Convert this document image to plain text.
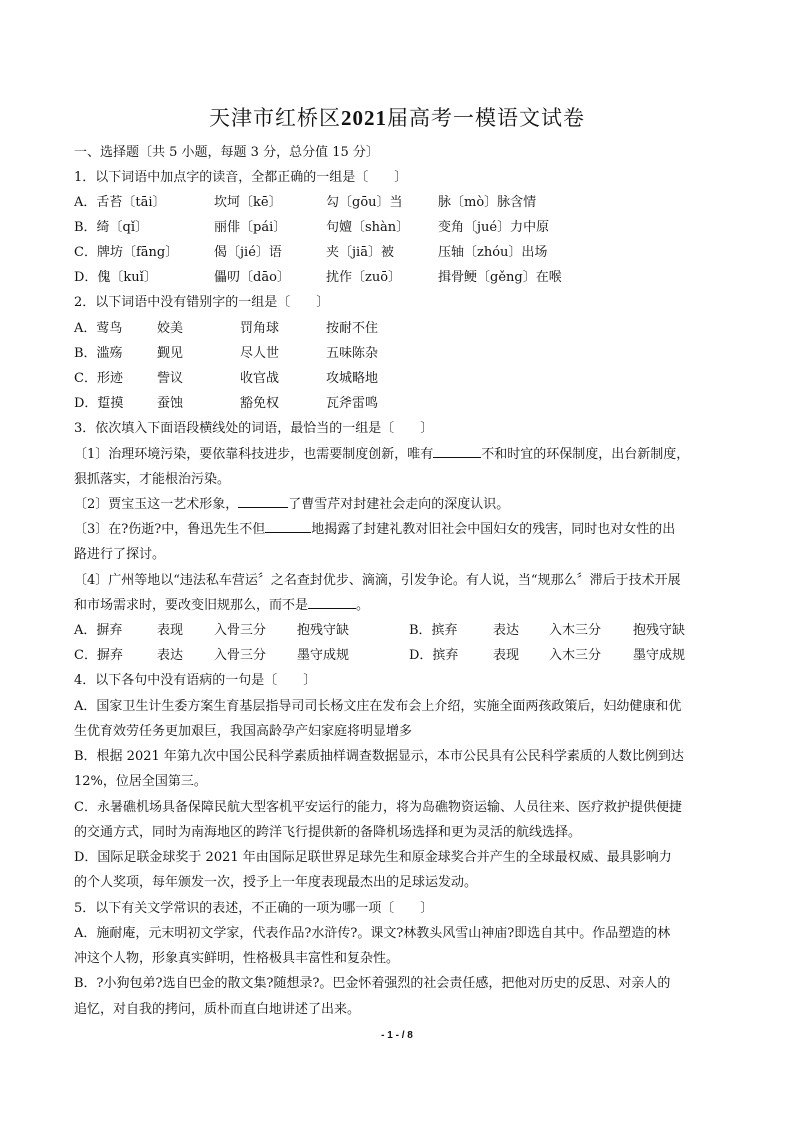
天津市红桥区2021届高考一模语文试卷
一、选择题〔共 5 小题，每题 3 分，总分值 15 分〕
1．以下词语中加点字的读音，全都正确的一组是〔　　〕
A．舌苔〔tāi〕	坎坷〔kē〕	勾〔gōu〕当	脉〔mò〕脉含情
B．绮〔qǐ〕	丽俳〔pái〕	句嬗〔shàn〕 变角〔jué〕力中原
C．牌坊〔fāng〕	偈〔jié〕语	夹〔jiā〕被	压轴〔zhóu〕出场
D．傀〔kuǐ〕	儡叨〔dāo〕	扰作〔zuō〕	揖骨鲠〔gěng〕在喉
2．以下词语中没有错别字的一组是〔　　〕
A．莺鸟	姣美	罚角球	按耐不住
B．滥殇	觐见	尽人世	五味陈杂
C．形迹	訾议	收官战	攻城略地
D．踅摸	蚕蚀	豁免权	瓦斧雷鸣
3．依次填入下面语段横线处的词语，最恰当的一组是〔　　〕
〔1〕治理环境污染，要依靠科技进步，也需要制度创新，唯有	不和时宜的环保制度，出台新制度，
狠抓落实，才能根治污染。
〔2〕贾宝玉这一艺术形象，	了曹雪芹对封建社会走向的深度认识。
〔3〕在?伤逝?中，鲁迅先生不但	地揭露了封建礼教对旧社会中国妇女的残害，同时也对女性的出
路进行了探讨。
〔4〕广州等地以“违法私车营运〞之名查封优步、滴滴，引发争论。有人说，当“规那么〞滞后于技术开展
和市场需求时，要改变旧规那么，而不是	。
A．摒弃	表现 入骨三分 抱残守缺	B．摈弃	表达 入木三分 抱残守缺
C．摒弃	表达 入骨三分 墨守成规	D．摈弃	表现 入木三分 墨守成规
4．以下各句中没有语病的一句是〔　　〕
A．国家卫生计生委方案生育基层指导司司长杨文庄在发布会上介绍，实施全面两孩政策后，妇幼健康和优
生优育效劳任务更加艰巨，我国高龄孕产妇家庭将明显增多
B．根据 2021 年第九次中国公民科学素质抽样调查数据显示，本市公民具有公民科学素质的人数比例到达
12%，位居全国第三。
C．永暑礁机场具备保障民航大型客机平安运行的能力，将为岛礁物资运输、人员往来、医疗救护提供便捷
的交通方式，同时为南海地区的跨洋飞行提供新的备降机场选择和更为灵活的航线选择。
D．国际足联金球奖于 2021 年由国际足联世界足球先生和原金球奖合并产生的全球最权威、最具影响力
的个人奖项，每年颁发一次，授予上一年度表现最杰出的足球运发动。
5．以下有关文学常识的表述，不正确的一项为哪一项〔　　〕
A．施耐庵，元末明初文学家，代表作品?水浒传?。课文?林教头风雪山神庙?即选自其中。作品塑造的林
冲这个人物，形象真实鲜明，性格极具丰富性和复杂性。
B．?小狗包弟?选自巴金的散文集?随想录?。巴金怀着强烈的社会责任感，把他对历史的反思、对亲人的
追忆，对自我的拷问，质朴而直白地讲述了出来。
- 1 - / 8
